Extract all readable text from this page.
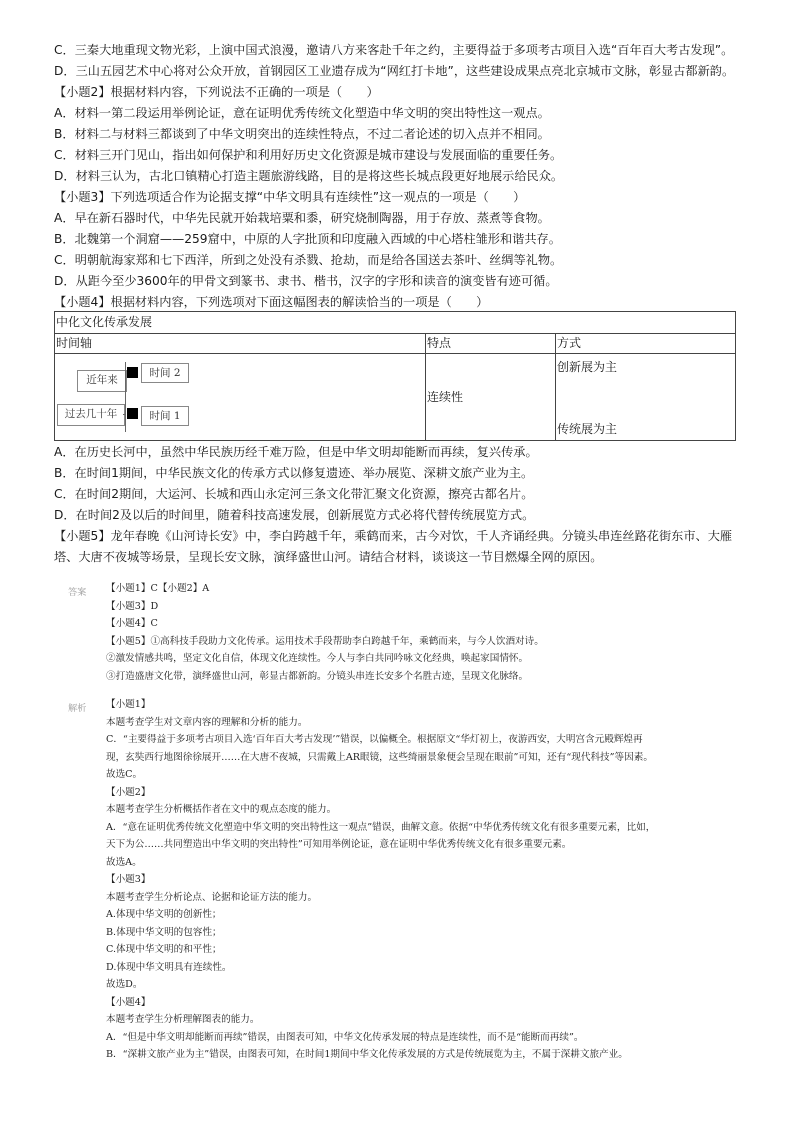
C．三秦大地重现文物光彩，上演中国式浪漫，邀请八方来客赴千年之约，主要得益于多项考古项目入选“百年百大考古发现”。

D．三山五园艺术中心将对公众开放，首钢园区工业遗存成为“网红打卡地”，这些建设成果点亮北京城市文脉，彰显古都新韵。

【小题2】根据材料内容，下列说法不正确的一项是（　　）

A．材料一第二段运用举例论证，意在证明优秀传统文化塑造中华文明的突出特性这一观点。

B．材料二与材料三都谈到了中华文明突出的连续性特点，不过二者论述的切入点并不相同。

C．材料三开门见山，指出如何保护和利用好历史文化资源是城市建设与发展面临的重要任务。

D．材料三认为，古北口镇精心打造主题旅游线路，目的是将这些长城点段更好地展示给民众。

【小题3】下列选项适合作为论据支撑“中华文明具有连续性”这一观点的一项是（　　）

A．早在新石器时代，中华先民就开始栽培粟和黍，研究烧制陶器，用于存放、蒸煮等食物。

B．北魏第一个洞窟——259窟中，中原的人字批顶和印度融入西域的中心塔柱雏形和谐共存。

C．明朝航海家郑和七下西洋，所到之处没有杀戮、抢劫，而是给各国送去茶叶、丝绸等礼物。

D．从距今至少3600年的甲骨文到篆书、隶书、楷书，汉字的字形和读音的演变皆有迹可循。

【小题4】根据材料内容，下列选项对下面这幅图表的解读恰当的一项是（　　）

中化文化传承发展
时间轴	特点	方式
近年来
过去几十年
时间 2
时间 1
连续性
创新展为主
传统展为主

A．在历史长河中，虽然中华民族历经千难万险，但是中华文明却能断而再续，复兴传承。

B．在时间1期间，中华民族文化的传承方式以修复遗迹、举办展览、深耕文旅产业为主。

C．在时间2期间，大运河、长城和西山永定河三条文化带汇聚文化资源，擦亮古都名片。

D．在时间2及以后的时间里，随着科技高速发展，创新展览方式必将代替传统展览方式。

【小题5】龙年春晚《山河诗长安》中，李白跨越千年，乘鹤而来，古今对饮，千人齐诵经典。分镜头串连丝路花街东市、大雁

塔、大唐不夜城等场景，呈现长安文脉，演绎盛世山河。请结合材料，谈谈这一节目燃爆全网的原因。

答案 【小题1】C【小题2】A

【小题3】D

【小题4】C

【小题5】①高科技手段助力文化传承。运用技术手段帮助李白跨越千年，乘鹤而来，与今人饮酒对诗。

②激发情感共鸣，坚定文化自信，体现文化连续性。今人与李白共同吟咏文化经典，唤起家国情怀。

③打造盛唐文化带，演绎盛世山河，彰显古都新韵。分镜头串连长安多个名胜古迹，呈现文化脉络。

解析 【小题1】

本题考查学生对文章内容的理解和分析的能力。

C．“主要得益于多项考古项目入选‘百年百大考古发现’”错误，以偏概全。根据原文“华灯初上，夜游西安，大明宫含元殿辉煌再

现，玄奘西行地图徐徐展开……在大唐不夜城，只需戴上AR眼镜，这些绮丽景象便会呈现在眼前”可知，还有“现代科技”等因素。

故选C。

【小题2】

本题考查学生分析概括作者在文中的观点态度的能力。

A．“意在证明优秀传统文化塑造中华文明的突出特性这一观点”错误，曲解文意。依据“中华优秀传统文化有很多重要元素，比如，

天下为公……共同塑造出中华文明的突出特性”可知用举例论证，意在证明中华优秀传统文化有很多重要元素。

故选A。

【小题3】

本题考查学生分析论点、论据和论证方法的能力。

A.体现中华文明的创新性；

B.体现中华文明的包容性；

C.体现中华文明的和平性；

D.体现中华文明具有连续性。

故选D。

【小题4】

本题考查学生分析理解图表的能力。

A．“但是中华文明却能断而再续”错误，由图表可知，中华文化传承发展的特点是连续性，而不是“能断而再续”。

B．“深耕文旅产业为主”错误，由图表可知，在时间1期间中华文化传承发展的方式是传统展览为主，不属于深耕文旅产业。
